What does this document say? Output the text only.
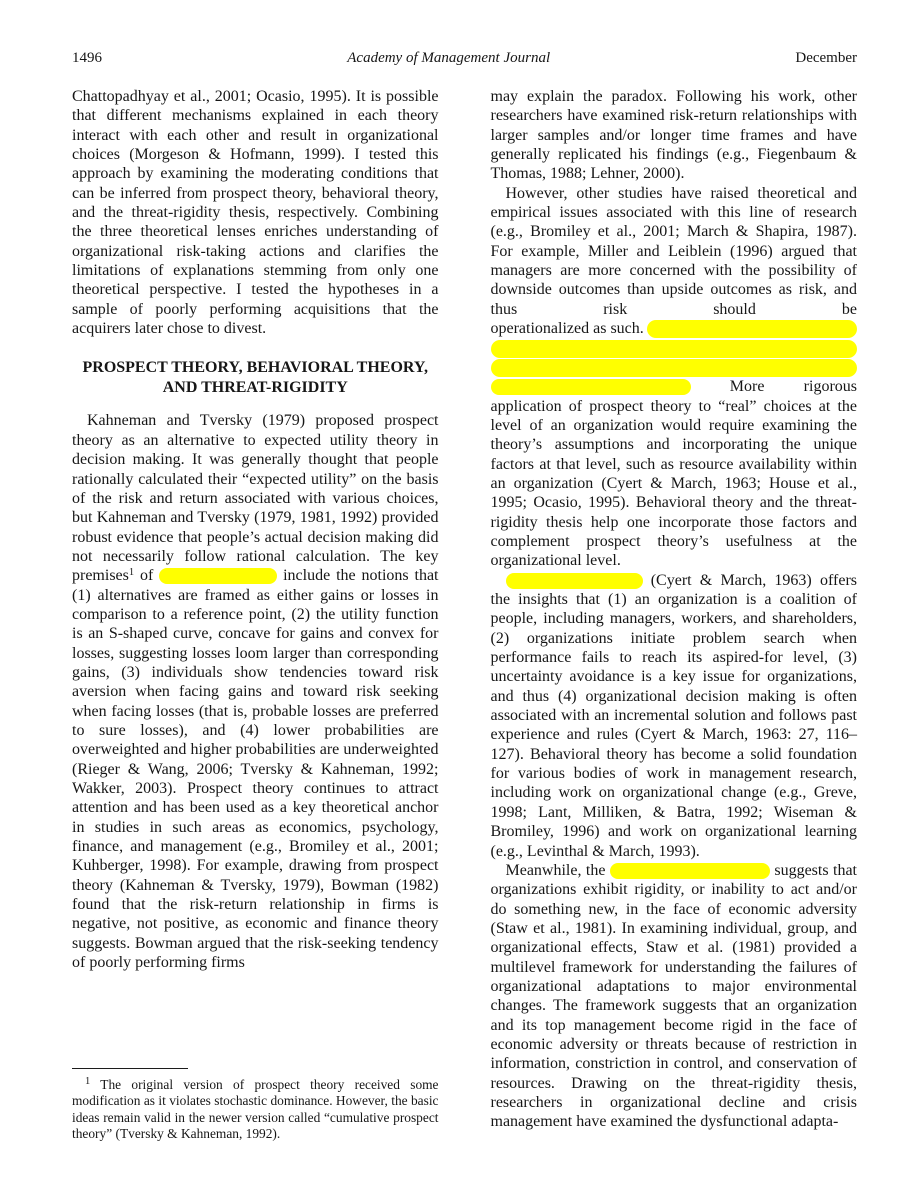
1496	Academy of Management Journal	December

Chattopadhyay et al., 2001; Ocasio, 1995). It is possible that different mechanisms explained in each theory interact with each other and result in organizational choices (Morgeson & Hofmann, 1999). I tested this approach by examining the moderating conditions that can be inferred from prospect theory, behavioral theory, and the threat-rigidity thesis, respectively. Combining the three theoretical lenses enriches understanding of organizational risk-taking actions and clarifies the limitations of explanations stemming from only one theoretical perspective. I tested the hypotheses in a sample of poorly performing acquisitions that the acquirers later chose to divest.

PROSPECT THEORY, BEHAVIORAL THEORY, AND THREAT-RIGIDITY

Kahneman and Tversky (1979) proposed prospect theory as an alternative to expected utility theory in decision making. It was generally thought that people rationally calculated their “expected utility” on the basis of the risk and return associated with various choices, but Kahneman and Tversky (1979, 1981, 1992) provided robust evidence that people’s actual decision making did not necessarily follow rational calculation. The key premises$^1$ of	include the notions that (1) alternatives are framed as either gains or losses in comparison to a reference point, (2) the utility function is an S-shaped curve, concave for gains and convex for losses, suggesting losses loom larger than corresponding gains, (3) individuals show tendencies toward risk aversion when facing gains and toward risk seeking when facing losses (that is, probable losses are preferred to sure losses), and (4) lower probabilities are overweighted and higher probabilities are underweighted (Rieger & Wang, 2006; Tversky & Kahneman, 1992; Wakker, 2003). Prospect theory continues to attract attention and has been used as a key theoretical anchor in studies in such areas as economics, psychology, finance, and management (e.g., Bromiley et al., 2001; Kuhberger, 1998). For example, drawing from prospect theory (Kahneman & Tversky, 1979), Bowman (1982) found that the risk-return relationship in firms is negative, not positive, as economic and finance theory suggests. Bowman argued that the risk-seeking tendency of poorly performing firms

$^1$ The original version of prospect theory received some modification as it violates stochastic dominance. However, the basic ideas remain valid in the newer version called “cumulative prospect theory” (Tversky & Kahneman, 1992).

may explain the paradox. Following his work, other researchers have examined risk-return relationships with larger samples and/or longer time frames and have generally replicated his findings (e.g., Fiegenbaum & Thomas, 1988; Lehner, 2000).

However, other studies have raised theoretical and empirical issues associated with this line of research (e.g., Bromiley et al., 2001; March & Shapira, 1987). For example, Miller and Leiblein (1996) argued that managers are more concerned with the possibility of downside outcomes than upside outcomes as risk, and thus risk should be

operationalized as such.

More rigorous application of prospect theory to “real” choices at the level of an organization would require examining the theory’s assumptions and incorporating the unique factors at that level, such as resource availability within an organization (Cyert & March, 1963; House et al., 1995; Ocasio, 1995). Behavioral theory and the threat-rigidity thesis help one incorporate those factors and complement prospect theory’s usefulness at the organizational level.

(Cyert & March, 1963) offers the insights that (1) an organization is a coalition of people, including managers, workers, and shareholders, (2) organizations initiate problem search when performance fails to reach its aspired-for level, (3) uncertainty avoidance is a key issue for organizations, and thus (4) organizational decision making is often associated with an incremental solution and follows past experience and rules (Cyert & March, 1963: 27, 116–127). Behavioral theory has become a solid foundation for various bodies of work in management research, including work on organizational change (e.g., Greve, 1998; Lant, Milliken, & Batra, 1992; Wiseman & Bromiley, 1996) and work on organizational learning (e.g., Levinthal & March, 1993).

Meanwhile, the	suggests that organizations exhibit rigidity, or inability to act and/or do something new, in the face of economic adversity (Staw et al., 1981). In examining individual, group, and organizational effects, Staw et al. (1981) provided a multilevel framework for understanding the failures of organizational adaptations to major environmental changes. The framework suggests that an organization and its top management become rigid in the face of economic adversity or threats because of restriction in information, constriction in control, and conservation of resources. Drawing on the threat-rigidity thesis, researchers in organizational decline and crisis management have examined the dysfunctional adapta-
